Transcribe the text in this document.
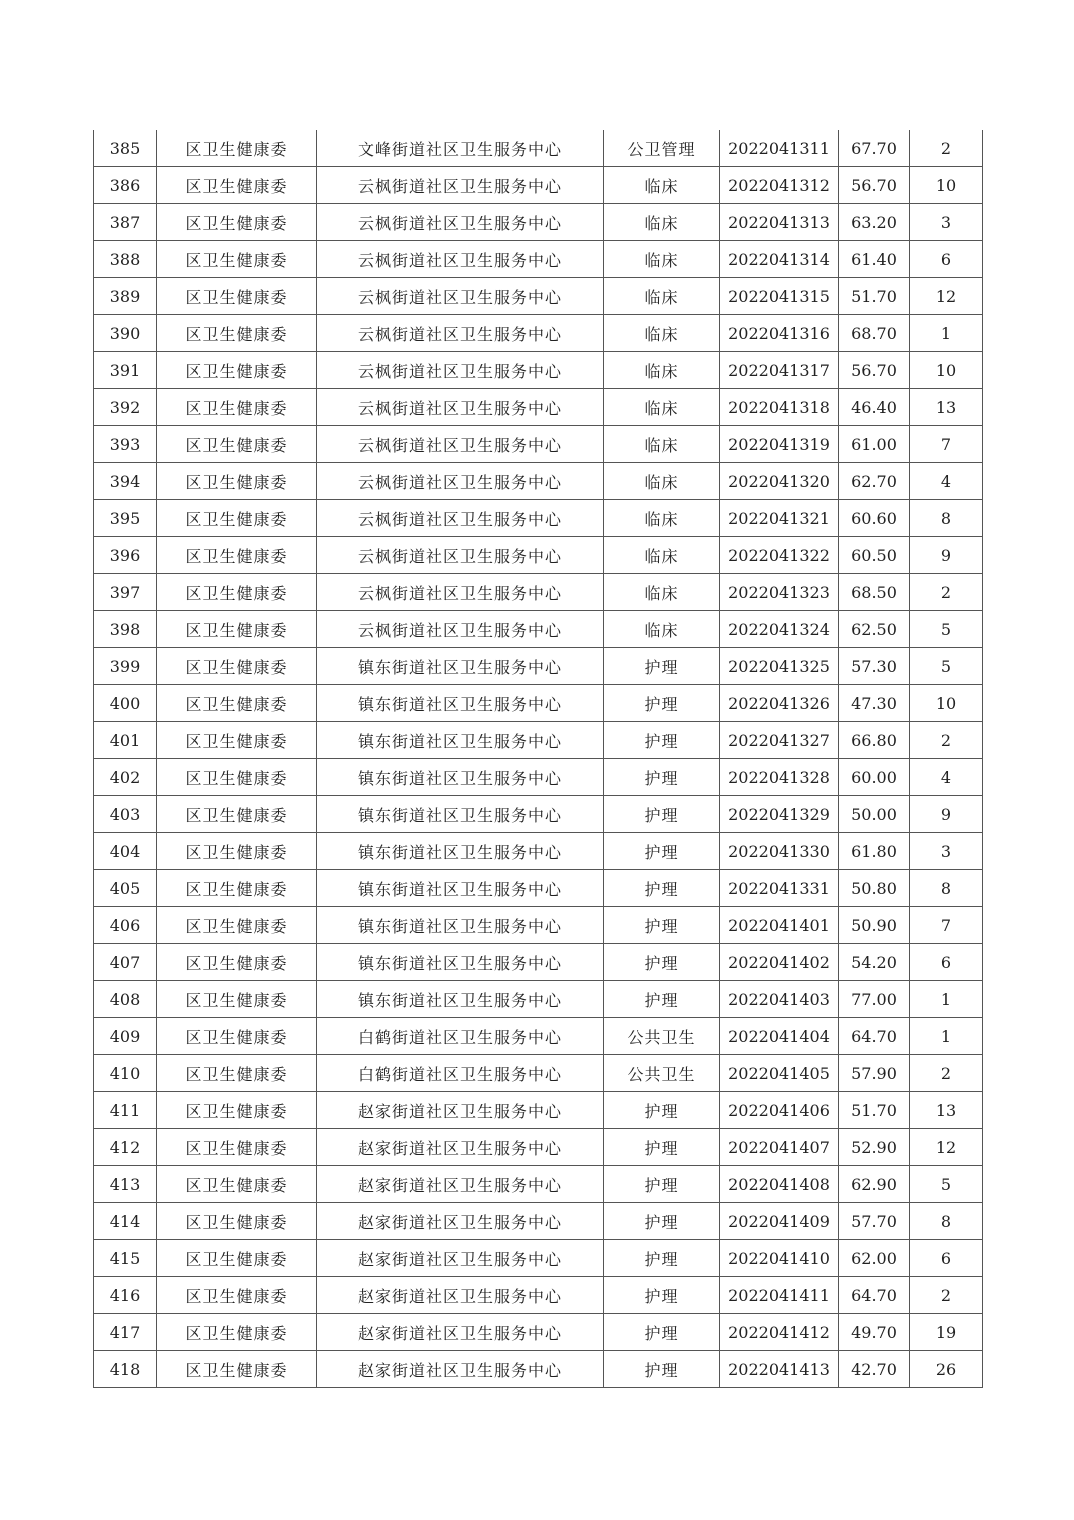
385	区卫生健康委	文峰街道社区卫生服务中心	公卫管理	2022041311	67.70	2
386	区卫生健康委	云枫街道社区卫生服务中心	临床	2022041312	56.70	10
387	区卫生健康委	云枫街道社区卫生服务中心	临床	2022041313	63.20	3
388	区卫生健康委	云枫街道社区卫生服务中心	临床	2022041314	61.40	6
389	区卫生健康委	云枫街道社区卫生服务中心	临床	2022041315	51.70	12
390	区卫生健康委	云枫街道社区卫生服务中心	临床	2022041316	68.70	1
391	区卫生健康委	云枫街道社区卫生服务中心	临床	2022041317	56.70	10
392	区卫生健康委	云枫街道社区卫生服务中心	临床	2022041318	46.40	13
393	区卫生健康委	云枫街道社区卫生服务中心	临床	2022041319	61.00	7
394	区卫生健康委	云枫街道社区卫生服务中心	临床	2022041320	62.70	4
395	区卫生健康委	云枫街道社区卫生服务中心	临床	2022041321	60.60	8
396	区卫生健康委	云枫街道社区卫生服务中心	临床	2022041322	60.50	9
397	区卫生健康委	云枫街道社区卫生服务中心	临床	2022041323	68.50	2
398	区卫生健康委	云枫街道社区卫生服务中心	临床	2022041324	62.50	5
399	区卫生健康委	镇东街道社区卫生服务中心	护理	2022041325	57.30	5
400	区卫生健康委	镇东街道社区卫生服务中心	护理	2022041326	47.30	10
401	区卫生健康委	镇东街道社区卫生服务中心	护理	2022041327	66.80	2
402	区卫生健康委	镇东街道社区卫生服务中心	护理	2022041328	60.00	4
403	区卫生健康委	镇东街道社区卫生服务中心	护理	2022041329	50.00	9
404	区卫生健康委	镇东街道社区卫生服务中心	护理	2022041330	61.80	3
405	区卫生健康委	镇东街道社区卫生服务中心	护理	2022041331	50.80	8
406	区卫生健康委	镇东街道社区卫生服务中心	护理	2022041401	50.90	7
407	区卫生健康委	镇东街道社区卫生服务中心	护理	2022041402	54.20	6
408	区卫生健康委	镇东街道社区卫生服务中心	护理	2022041403	77.00	1
409	区卫生健康委	白鹤街道社区卫生服务中心	公共卫生	2022041404	64.70	1
410	区卫生健康委	白鹤街道社区卫生服务中心	公共卫生	2022041405	57.90	2
411	区卫生健康委	赵家街道社区卫生服务中心	护理	2022041406	51.70	13
412	区卫生健康委	赵家街道社区卫生服务中心	护理	2022041407	52.90	12
413	区卫生健康委	赵家街道社区卫生服务中心	护理	2022041408	62.90	5
414	区卫生健康委	赵家街道社区卫生服务中心	护理	2022041409	57.70	8
415	区卫生健康委	赵家街道社区卫生服务中心	护理	2022041410	62.00	6
416	区卫生健康委	赵家街道社区卫生服务中心	护理	2022041411	64.70	2
417	区卫生健康委	赵家街道社区卫生服务中心	护理	2022041412	49.70	19
418	区卫生健康委	赵家街道社区卫生服务中心	护理	2022041413	42.70	26
